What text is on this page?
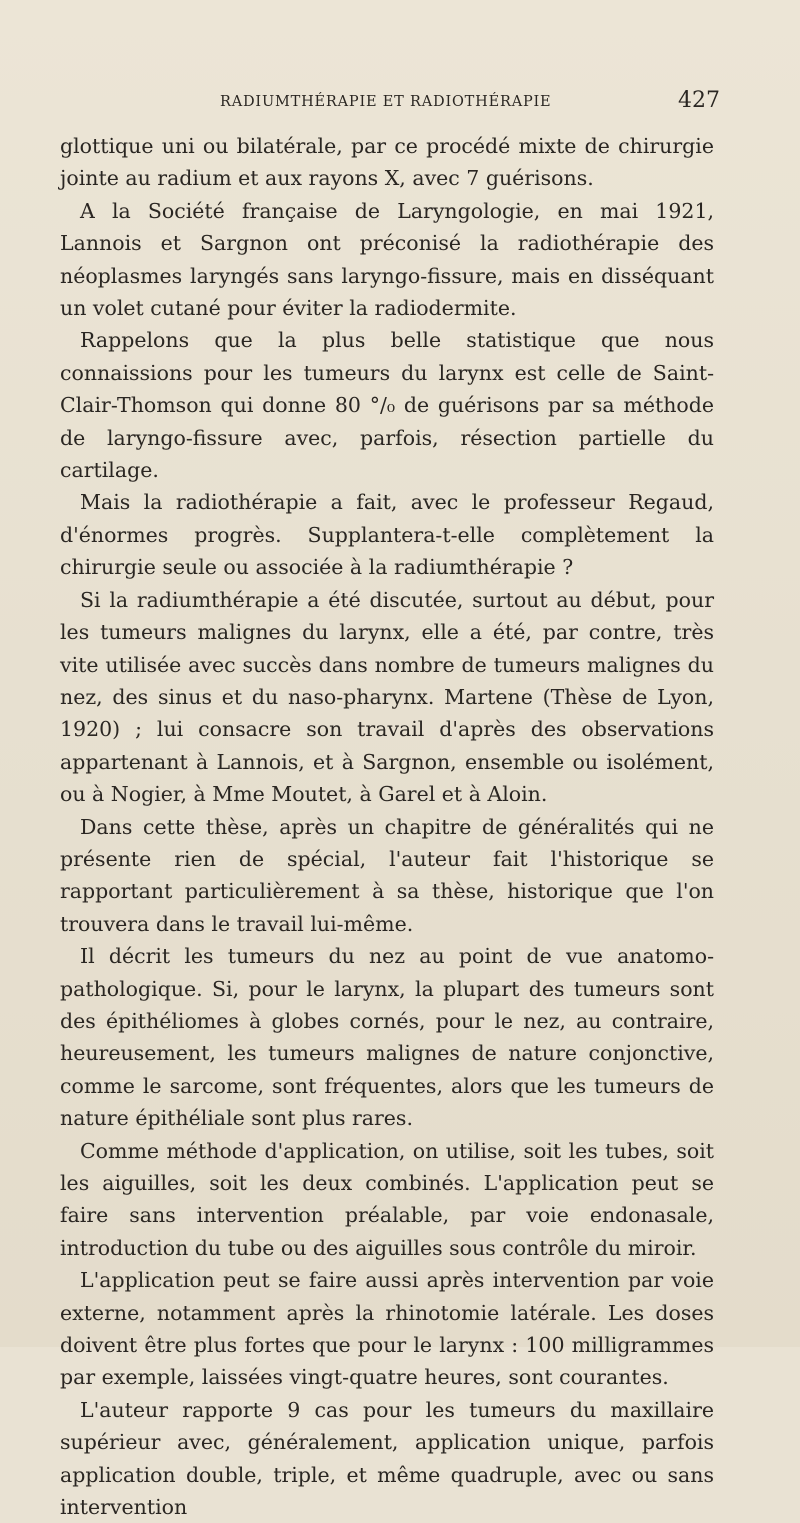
RADIUMTHÉRAPIE ET RADIOTHÉRAPIE	427

glottique uni ou bilatérale, par ce procédé mixte de chirurgie jointe au radium et aux rayons X, avec 7 guérisons.

A la Société française de Laryngologie, en mai 1921, Lannois et Sargnon ont préconisé la radiothérapie des néoplasmes laryngés sans laryngo-fissure, mais en disséquant un volet cutané pour éviter la radiodermite.

Rappelons que la plus belle statistique que nous connaissions pour les tumeurs du larynx est celle de Saint-Clair-Thomson qui donne 80 °/₀ de guérisons par sa méthode de laryngo-fissure avec, parfois, résection partielle du cartilage.

Mais la radiothérapie a fait, avec le professeur Regaud, d'énormes progrès. Supplantera-t-elle complètement la chirurgie seule ou associée à la radiumthérapie ?

Si la radiumthérapie a été discutée, surtout au début, pour les tumeurs malignes du larynx, elle a été, par contre, très vite utilisée avec succès dans nombre de tumeurs malignes du nez, des sinus et du naso-pharynx. Martene (Thèse de Lyon, 1920) ; lui consacre son travail d'après des observations appartenant à Lannois, et à Sargnon, ensemble ou isolément, ou à Nogier, à Mme Moutet, à Garel et à Aloin.

Dans cette thèse, après un chapitre de généralités qui ne présente rien de spécial, l'auteur fait l'historique se rapportant particulièrement à sa thèse, historique que l'on trouvera dans le travail lui-même.

Il décrit les tumeurs du nez au point de vue anatomo-pathologique. Si, pour le larynx, la plupart des tumeurs sont des épithéliomes à globes cornés, pour le nez, au contraire, heureusement, les tumeurs malignes de nature conjonctive, comme le sarcome, sont fréquentes, alors que les tumeurs de nature épithéliale sont plus rares.

Comme méthode d'application, on utilise, soit les tubes, soit les aiguilles, soit les deux combinés. L'application peut se faire sans intervention préalable, par voie endonasale, introduction du tube ou des aiguilles sous contrôle du miroir.

L'application peut se faire aussi après intervention par voie externe, notamment après la rhinotomie latérale. Les doses doivent être plus fortes que pour le larynx : 100 milligrammes par exemple, laissées vingt-quatre heures, sont courantes.

L'auteur rapporte 9 cas pour les tumeurs du maxillaire supérieur avec, généralement, application unique, parfois application double, triple, et même quadruple, avec ou sans intervention
